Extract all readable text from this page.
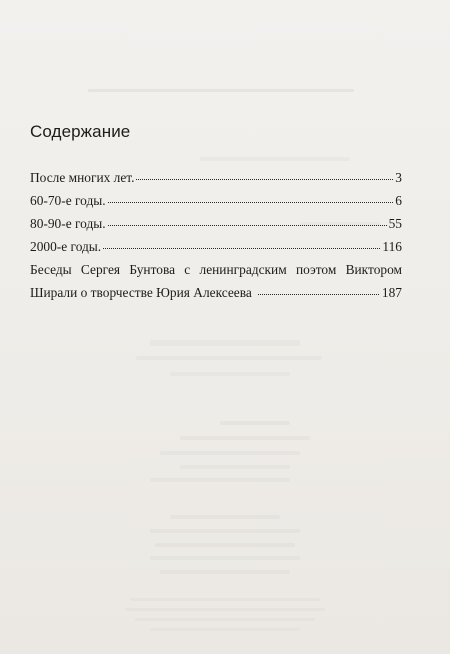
Содержание
После многих лет.	3
60-70-е годы.	6
80-90-е годы.	55
2000-е годы.	116
Беседы Сергея Бунтова с ленинградским поэтом Виктором
Ширали о творчестве Юрия Алексеева	187
